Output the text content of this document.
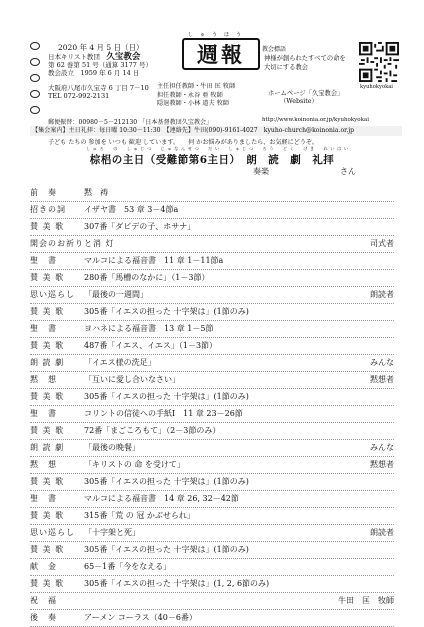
2020 年 4 月 5 日（日）
日本キリスト教団　 久宝教会
第 62 巻第 51 号（通算 3177 号）
教会設立　1959 年 6 月 14 日
しゅうほう
週報	教会標語
神様が創られたすべての命を
大切にする教会
kyuhokyokai
大阪府八尾市久宝寺 6 丁目 7－10
TEL 072-992-2131
主任担任教師・牛田 匡 牧師
担任教師・永谷 亜 牧師
隠退教師・小林 道夫 牧師
ホームページ「久宝教会」
（Website）
http://www.koinonia.or.jp/kyuhokyokai
郵便振替：00980－5－212130 「日本基督教団久宝教会」
【集会案内】主日礼拝：毎日曜 10:30－11:30　【連絡先】牛田(090)-9161-4027　kyuho-church@koinonia.or.jp
子ども たちの 参加を いつも 歓迎 しています。　　何 かお悩みがありましたら、お気軽にどうぞ。
しゅろ　の　しゅじつ　じゅなんせつ　だい　しゅじつ　ろう　どく　げき　れいはい
棕梠の主日（受難節第6主日）　朗　読　劇　礼拝
奏楽	さん
前　奏	黙　祷
招きの詞 イザヤ書　53 章 3－4節a
賛 美 歌 307番「ダビデの子、ホサナ」
開会のお祈りと消 灯	司式者
聖　書	マルコによる福音書　11 章 1－11節a
賛 美 歌 280番「馬槽のなかに」（1－3節）
思い巡らし 「最後の一週間」	朗読者
賛 美 歌 305番「イエスの担った 十字架は」(1節のみ)
聖　書	ヨハネによる福音書　13 章 1－5節
賛 美 歌 487番「イエス、イエス」（1－3節）
朗 読 劇 「イエス様の洗足」	みんな
黙　想	「互いに愛し合いなさい」	黙想者
賛 美 歌 305番「イエスの担った 十字架は」(1節のみ)
聖　書	コリントの信徒への手紙Ⅰ　11 章 23－26節
賛 美 歌 72番「まごころもて」（2－3節のみ）
朗 読 劇 「最後の晩餐」	みんな
黙　想	「キリストの 命 を受けて」	黙想者
賛 美 歌 305番「イエスの担った 十字架は」(1節のみ)
聖　書	マルコによる福音書　14 章 26, 32－42節
賛 美 歌 315番「荒 の 冠 かぶせられ」
思い巡らし 「十字架と死」	朗読者
賛 美 歌 305番「イエスの担った 十字架は」(1節のみ)
献　金	65－1番「今をなえる」
賛 美 歌 305番「イエスの担った 十字架は」(1, 2, 6節のみ)
祝　福	牛田　匡　牧師
後　奏	アーメン コーラス（40－6番）
